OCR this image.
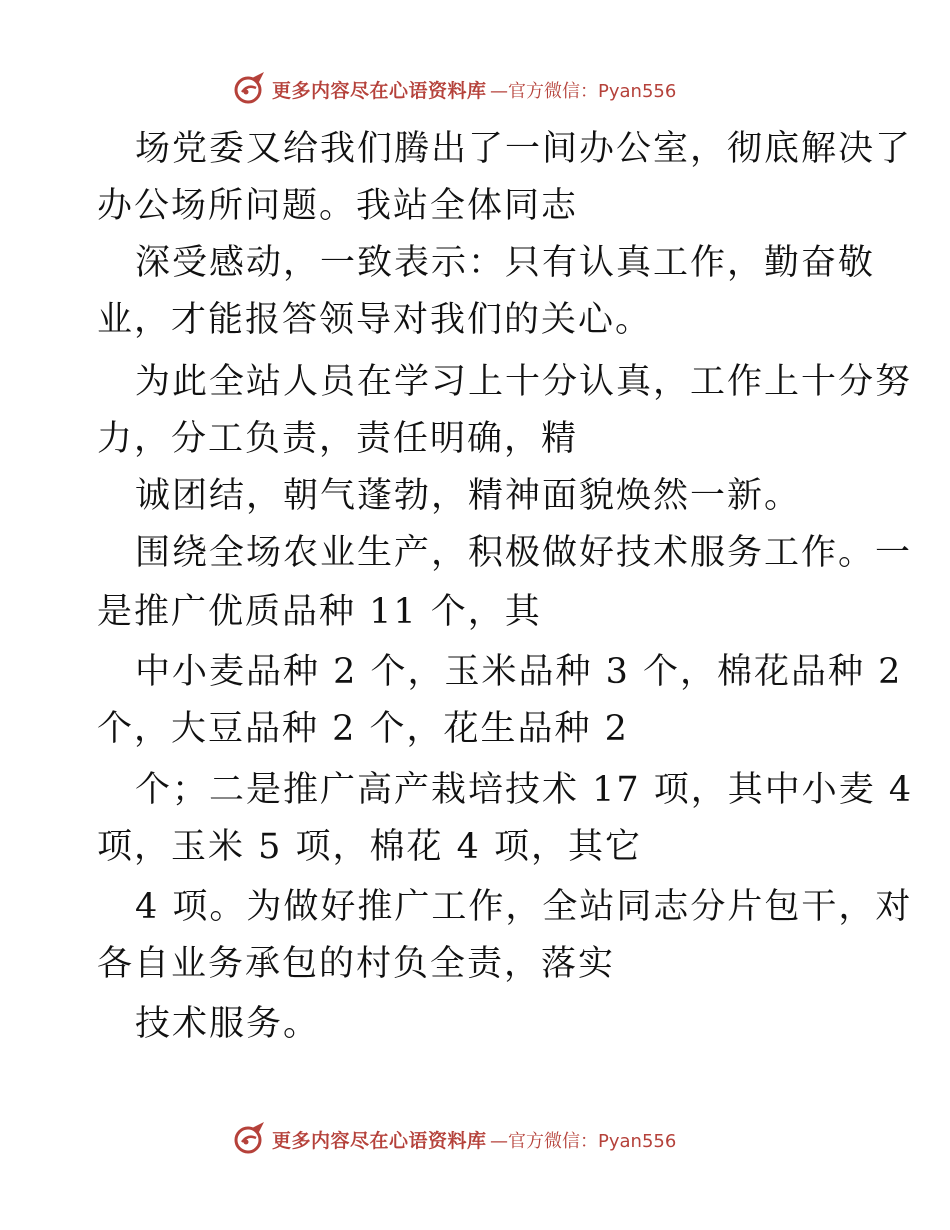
更多内容尽在心语资料库 —官方微信：Pyan556
场党委又给我们腾出了一间办公室，彻底解决了
办公场所问题。我站全体同志
深受感动，一致表示：只有认真工作，勤奋敬
业，才能报答领导对我们的关心。
为此全站人员在学习上十分认真，工作上十分努
力，分工负责，责任明确，精
诚团结，朝气蓬勃，精神面貌焕然一新。
围绕全场农业生产，积极做好技术服务工作。一
是推广优质品种 11 个，其
中小麦品种 2 个，玉米品种 3 个，棉花品种 2
个，大豆品种 2 个，花生品种 2
个；二是推广高产栽培技术 17 项，其中小麦 4
项，玉米 5 项，棉花 4 项，其它
4 项。为做好推广工作，全站同志分片包干，对
各自业务承包的村负全责，落实
技术服务。
更多内容尽在心语资料库 —官方微信：Pyan556
